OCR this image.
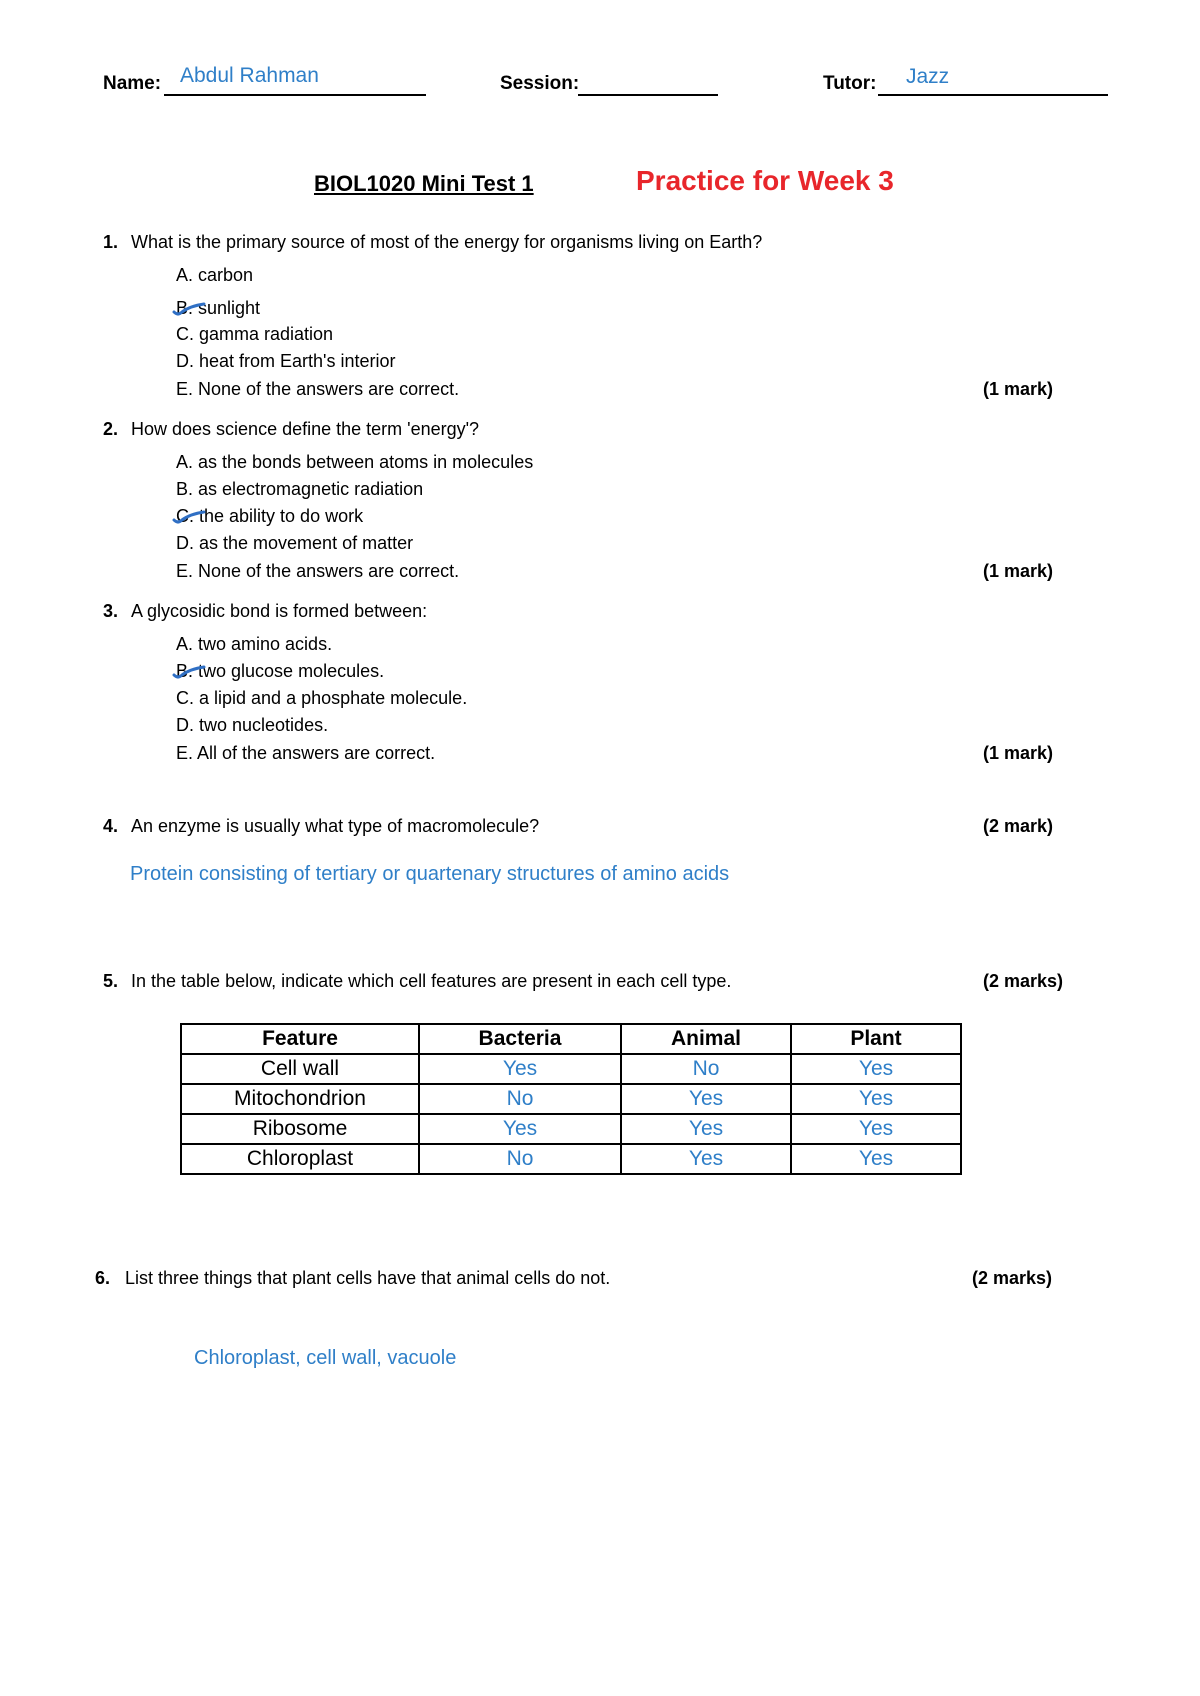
Name: Abdul Rahman	Session:	Tutor: Jazz
BIOL1020 Mini Test 1	Practice for Week 3
1. What is the primary source of most of the energy for organisms living on Earth?
A. carbon
B. sunlight
C. gamma radiation
D. heat from Earth's interior
E. None of the answers are correct.	(1 mark)
2. How does science define the term 'energy'?
A. as the bonds between atoms in molecules
B. as electromagnetic radiation
C. the ability to do work
D. as the movement of matter
E. None of the answers are correct.	(1 mark)
3. A glycosidic bond is formed between:
A. two amino acids.
B. two glucose molecules.
C. a lipid and a phosphate molecule.
D. two nucleotides.
E. All of the answers are correct.	(1 mark)
4. An enzyme is usually what type of macromolecule?	(2 mark)
Protein consisting of tertiary or quartenary structures of amino acids
5. In the table below, indicate which cell features are present in each cell type.	(2 marks)
Feature	Bacteria	Animal	Plant
Cell wall	Yes	No	Yes
Mitochondrion	No	Yes	Yes
Ribosome	Yes	Yes	Yes
Chloroplast	No	Yes	Yes
6. List three things that plant cells have that animal cells do not.	(2 marks)
Chloroplast, cell wall, vacuole
